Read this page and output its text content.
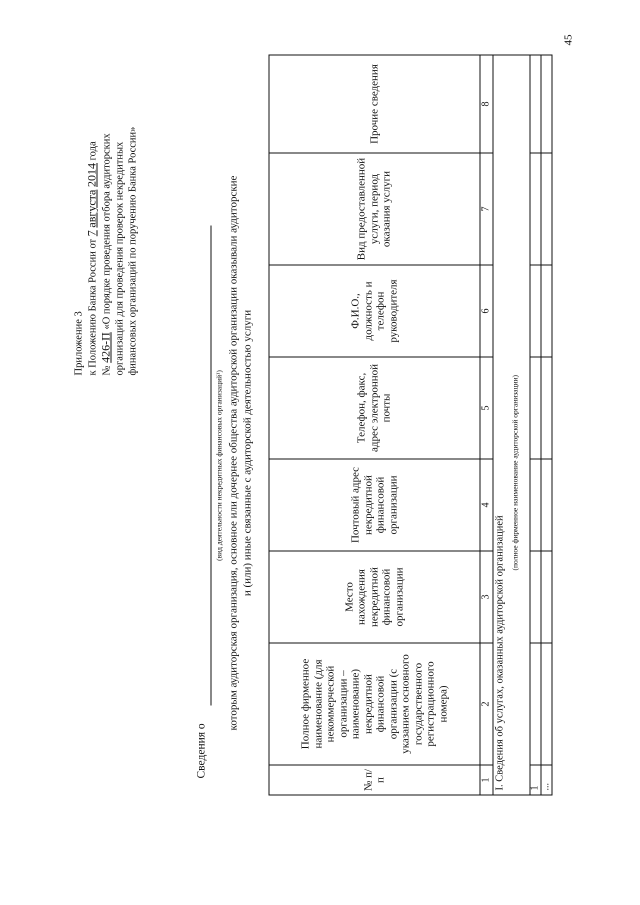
Приложение 3 к Положению Банка России от 7 августа 2014 года
№ 426-П «О порядке проведения отбора аудиторских организаций для проведения проверок некредитных финансовых организаций по поручению Банка России»
Сведения о
(вид деятельности некредитных финансовых организаций¹) которым аудиторская организация, основное или дочернее общества аудиторской организации оказывали аудиторские и (или) иные связанные с аудиторской деятельностью услуги
№ п/п	Полное фирменное наименование (для некоммерческой организации – наименование) некредитной финансовой организации (с указанием основного государственного регистрационного номера)	Место нахождения некредитной финансовой организации	Почтовый адрес некредитной финансовой организации	Телефон, факс, адрес электронной почты	Ф.И.О., должность и телефон руководителя	Вид предоставленной услуги, период оказания услуги	Прочие сведения
1	2	3	4	5	6	7	8
I. Сведения об услугах, оказанных аудиторской организацией
(полное фирменное наименование аудиторской организации)							

1							
...							
45
